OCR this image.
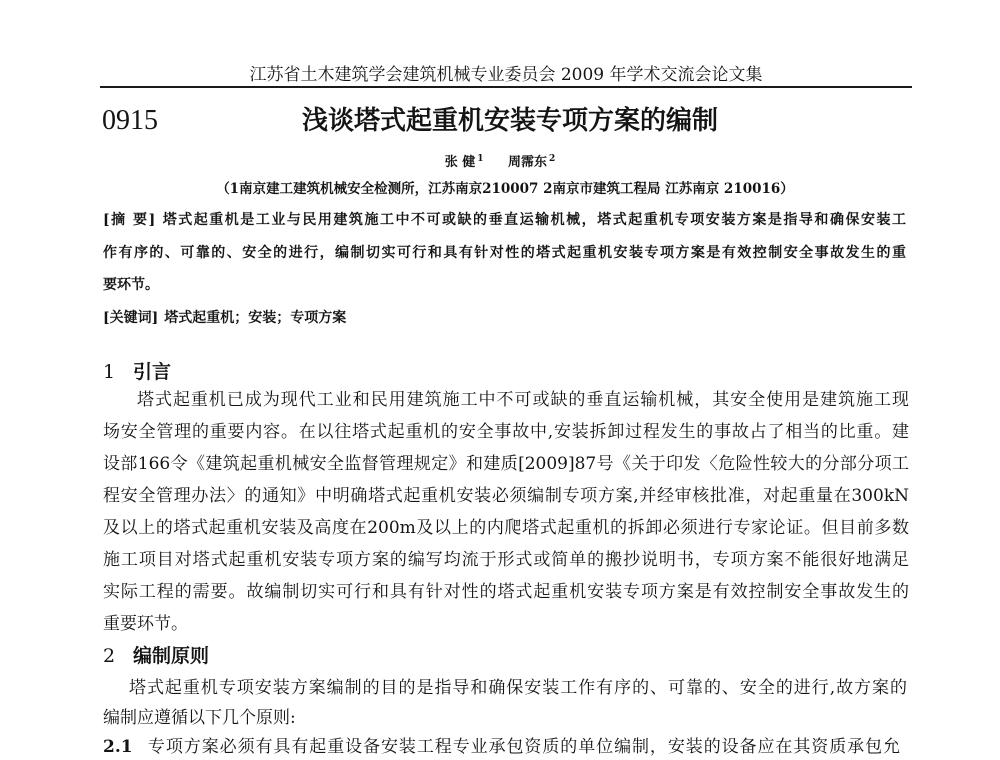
江苏省土木建筑学会建筑机械专业委员会 2009 年学术交流会论文集
0915	浅谈塔式起重机安装专项方案的编制
张 健 $^1$ 周霈东 $^2$
（1南京建工建筑机械安全检测所，江苏南京210007 2南京市建筑工程局 江苏南京 210016）
[摘 要] 塔式起重机是工业与民用建筑施工中不可或缺的垂直运输机械，塔式起重机专项安装方案是指导和确保安装工
作有序的、可靠的、安全的进行，编制切实可行和具有针对性的塔式起重机安装专项方案是有效控制安全事故发生的重
要环节。
[关键词] 塔式起重机；安装；专项方案
1 引言
塔式起重机已成为现代工业和民用建筑施工中不可或缺的垂直运输机械，其安全使用是建筑施工现
场安全管理的重要内容。在以往塔式起重机的安全事故中,安装拆卸过程发生的事故占了相当的比重。建
设部166令《建筑起重机械安全监督管理规定》和建质[2009]87号《关于印发〈危险性较大的分部分项工
程安全管理办法〉的通知》中明确塔式起重机安装必须编制专项方案,并经审核批准，对起重量在300kN
及以上的塔式起重机安装及高度在200m及以上的内爬塔式起重机的拆卸必须进行专家论证。但目前多数
施工项目对塔式起重机安装专项方案的编写均流于形式或简单的搬抄说明书，专项方案不能很好地满足
实际工程的需要。故编制切实可行和具有针对性的塔式起重机安装专项方案是有效控制安全事故发生的
重要环节。
2 编制原则
塔式起重机专项安装方案编制的目的是指导和确保安装工作有序的、可靠的、安全的进行,故方案的
编制应遵循以下几个原则:
2.1 专项方案必须有具有起重设备安装工程专业承包资质的单位编制，安装的设备应在其资质承包允
